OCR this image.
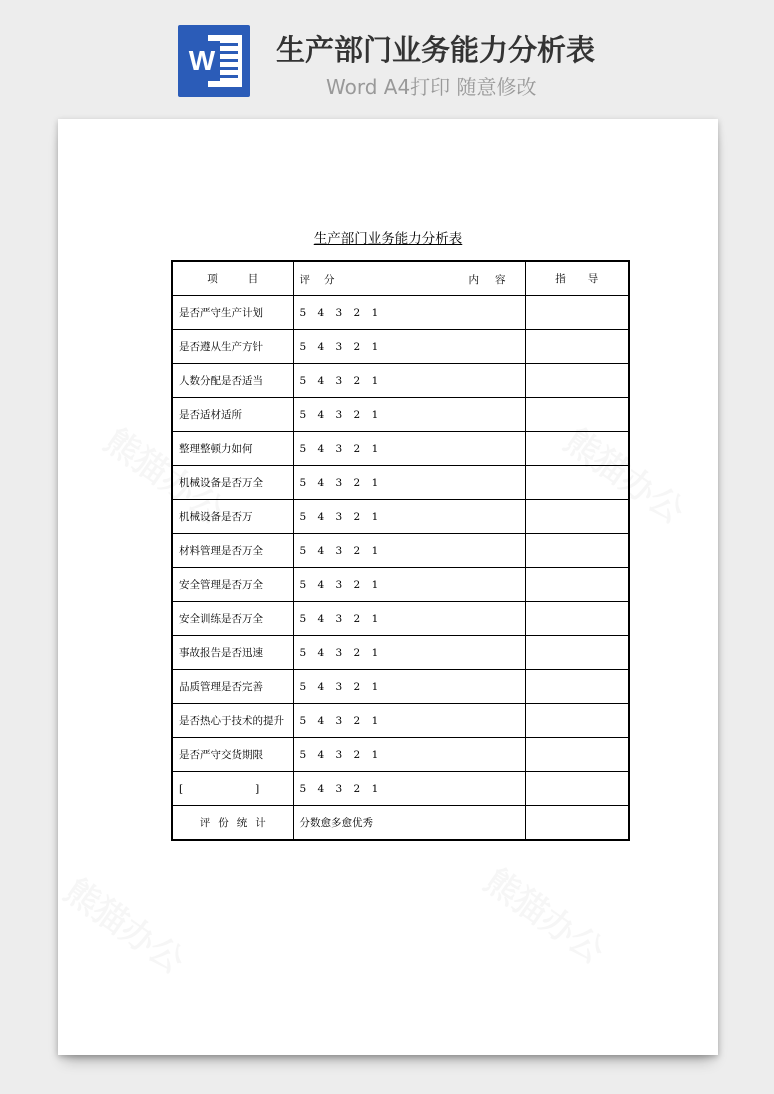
W 生产部门业务能力分析表
Word A4打印 随意修改
生产部门业务能力分析表
项 目	评 分 内 容	指 导
是否严守生产计划	5 4 3 2 1	
是否遵从生产方针	5 4 3 2 1	
人数分配是否适当	5 4 3 2 1	
是否适材适所	5 4 3 2 1	
整理整顿力如何	5 4 3 2 1	
机械设备是否万全	5 4 3 2 1	
机械设备是否万	5 4 3 2 1	
材料管理是否万全	5 4 3 2 1	
安全管理是否万全	5 4 3 2 1	
安全训练是否万全	5 4 3 2 1	
事故报告是否迅速	5 4 3 2 1	
品质管理是否完善	5 4 3 2 1	
是否热心于技术的提升	5 4 3 2 1	
是否严守交货期限	5 4 3 2 1	
[ ]	5 4 3 2 1	
评 份 统 计	分数愈多愈优秀	
